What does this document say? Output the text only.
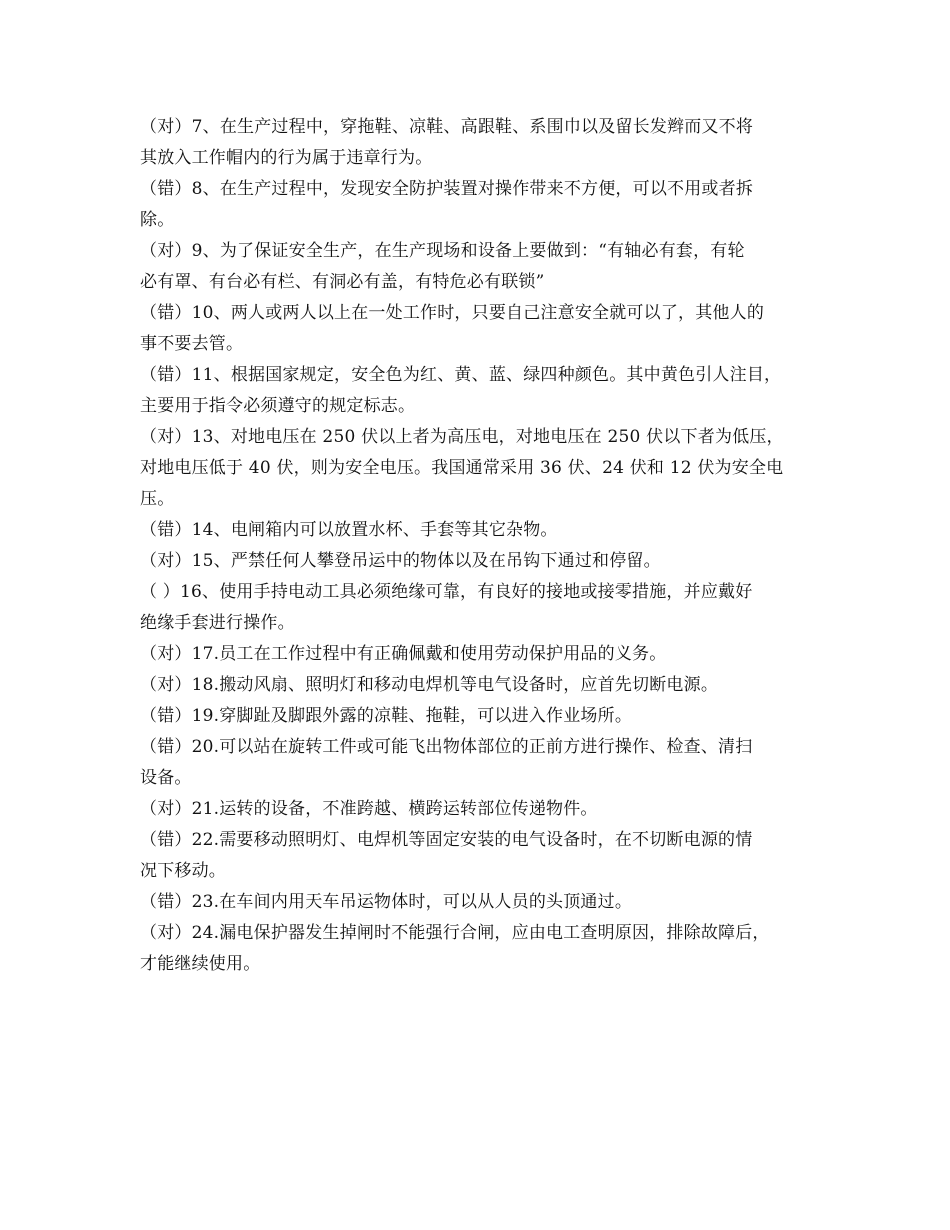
（对）7、在生产过程中，穿拖鞋、凉鞋、高跟鞋、系围巾以及留长发辫而又不将

其放入工作帽内的行为属于违章行为。

（错）8、在生产过程中，发现安全防护装置对操作带来不方便，可以不用或者拆

除。

（对）9、为了保证安全生产，在生产现场和设备上要做到：“有轴必有套，有轮

必有罩、有台必有栏、有洞必有盖，有特危必有联锁”

（错）10、两人或两人以上在一处工作时，只要自己注意安全就可以了，其他人的

事不要去管。

（错）11、根据国家规定，安全色为红、黄、蓝、绿四种颜色。其中黄色引人注目，

主要用于指令必须遵守的规定标志。

（对）13、对地电压在 250 伏以上者为高压电，对地电压在 250 伏以下者为低压，

对地电压低于 40 伏，则为安全电压。我国通常采用 36 伏、24 伏和 12 伏为安全电

压。

（错）14、电闸箱内可以放置水杯、手套等其它杂物。

（对）15、严禁任何人攀登吊运中的物体以及在吊钩下通过和停留。

（ ）16、使用手持电动工具必须绝缘可靠，有良好的接地或接零措施，并应戴好

绝缘手套进行操作。

（对）17.员工在工作过程中有正确佩戴和使用劳动保护用品的义务。

（对）18.搬动风扇、照明灯和移动电焊机等电气设备时，应首先切断电源。

（错）19.穿脚趾及脚跟外露的凉鞋、拖鞋，可以进入作业场所。

（错）20.可以站在旋转工件或可能飞出物体部位的正前方进行操作、检查、清扫

设备。

（对）21.运转的设备，不准跨越、横跨运转部位传递物件。

（错）22.需要移动照明灯、电焊机等固定安装的电气设备时，在不切断电源的情

况下移动。

（错）23.在车间内用天车吊运物体时，可以从人员的头顶通过。

（对）24.漏电保护器发生掉闸时不能强行合闸，应由电工查明原因，排除故障后，

才能继续使用。
